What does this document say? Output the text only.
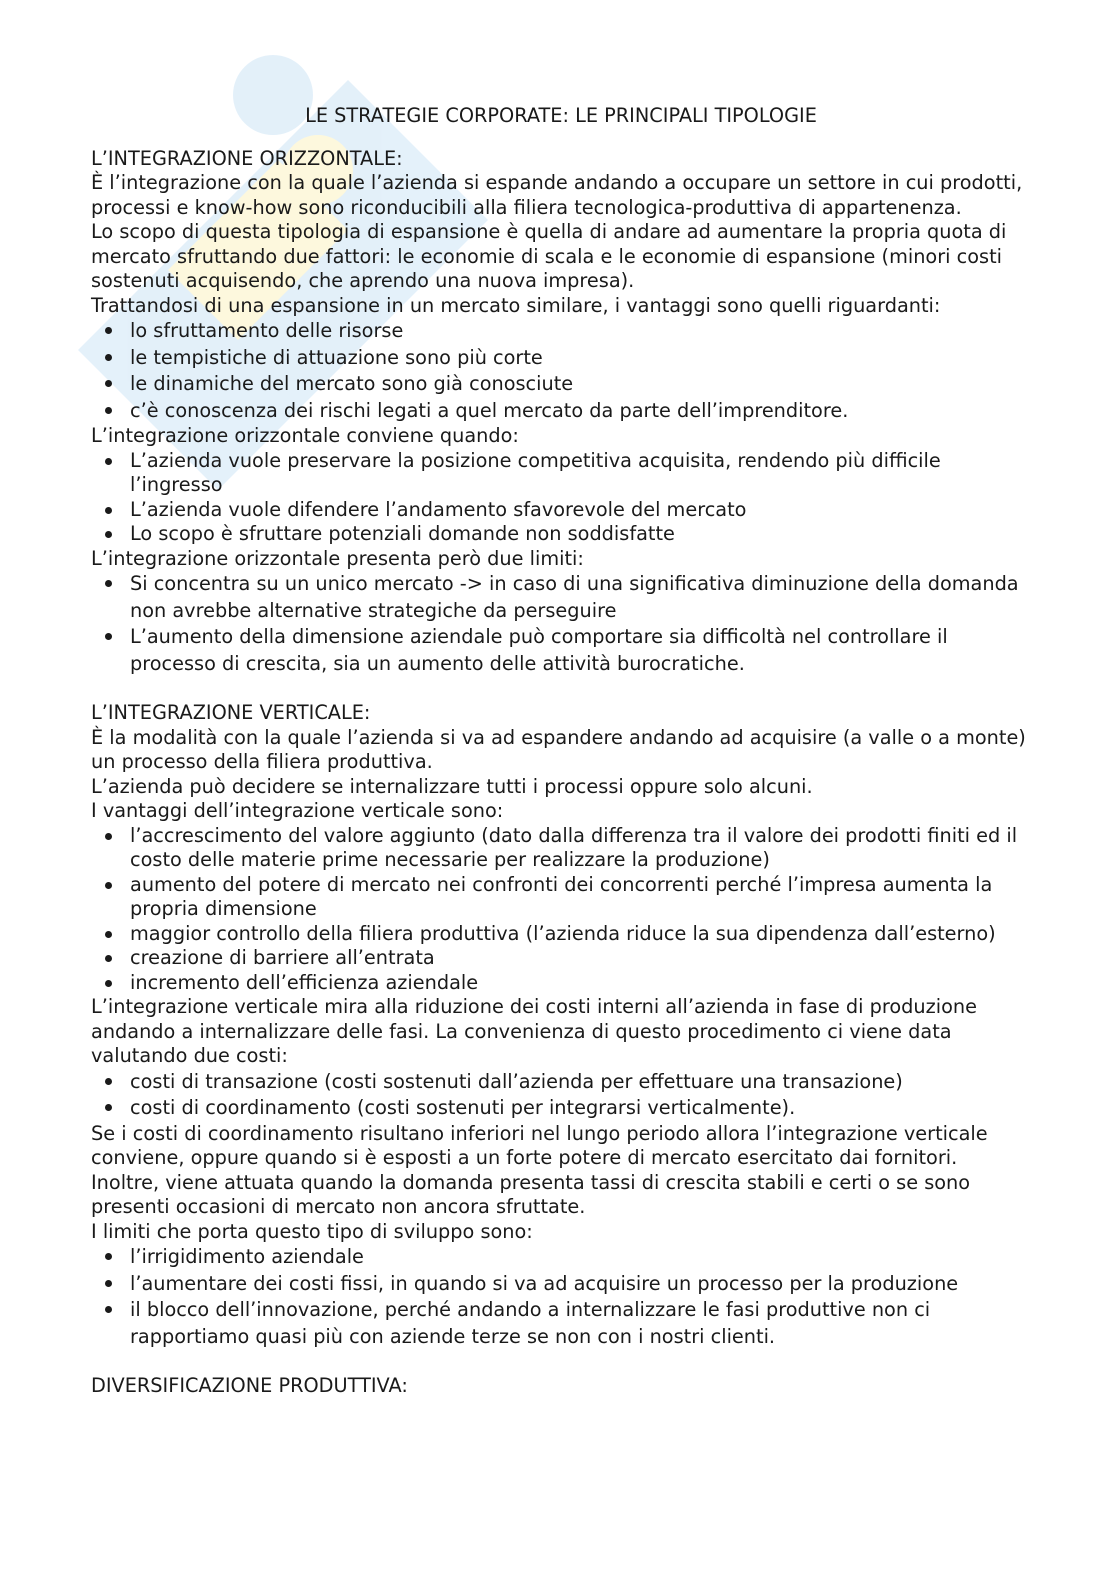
LE STRATEGIE CORPORATE: LE PRINCIPALI TIPOLOGIE
L’INTEGRAZIONE ORIZZONTALE:

È l’integrazione con la quale l’azienda si espande andando a occupare un settore in cui prodotti, processi e know-how sono riconducibili alla filiera tecnologica-produttiva di appartenenza.

Lo scopo di questa tipologia di espansione è quella di andare ad aumentare la propria quota di mercato sfruttando due fattori: le economie di scala e le economie di espansione (minori costi sostenuti acquisendo, che aprendo una nuova impresa).

Trattandosi di una espansione in un mercato similare, i vantaggi sono quelli riguardanti:

lo sfruttamento delle risorse
le tempistiche di attuazione sono più corte
le dinamiche del mercato sono già conosciute
c’è conoscenza dei rischi legati a quel mercato da parte dell’imprenditore.

L’integrazione orizzontale conviene quando:

L’azienda vuole preservare la posizione competitiva acquisita, rendendo più difficile l’ingresso
L’azienda vuole difendere l’andamento sfavorevole del mercato
Lo scopo è sfruttare potenziali domande non soddisfatte

L’integrazione orizzontale presenta però due limiti:

Si concentra su un unico mercato -> in caso di una significativa diminuzione della domanda non avrebbe alternative strategiche da perseguire
L’aumento della dimensione aziendale può comportare sia difficoltà nel controllare il processo di crescita, sia un aumento delle attività burocratiche.
L’INTEGRAZIONE VERTICALE:

È la modalità con la quale l’azienda si va ad espandere andando ad acquisire (a valle o a monte) un processo della filiera produttiva.

L’azienda può decidere se internalizzare tutti i processi oppure solo alcuni.

I vantaggi dell’integrazione verticale sono:

l’accrescimento del valore aggiunto (dato dalla differenza tra il valore dei prodotti finiti ed il costo delle materie prime necessarie per realizzare la produzione)
aumento del potere di mercato nei confronti dei concorrenti perché l’impresa aumenta la propria dimensione
maggior controllo della filiera produttiva (l’azienda riduce la sua dipendenza dall’esterno)
creazione di barriere all’entrata
incremento dell’efficienza aziendale

L’integrazione verticale mira alla riduzione dei costi interni all’azienda in fase di produzione andando a internalizzare delle fasi. La convenienza di questo procedimento ci viene data valutando due costi:

costi di transazione (costi sostenuti dall’azienda per effettuare una transazione)
costi di coordinamento (costi sostenuti per integrarsi verticalmente).

Se i costi di coordinamento risultano inferiori nel lungo periodo allora l’integrazione verticale conviene, oppure quando si è esposti a un forte potere di mercato esercitato dai fornitori.

Inoltre, viene attuata quando la domanda presenta tassi di crescita stabili e certi o se sono presenti occasioni di mercato non ancora sfruttate.

I limiti che porta questo tipo di sviluppo sono:

l’irrigidimento aziendale
l’aumentare dei costi fissi, in quando si va ad acquisire un processo per la produzione
il blocco dell’innovazione, perché andando a internalizzare le fasi produttive non ci rapportiamo quasi più con aziende terze se non con i nostri clienti.
DIVERSIFICAZIONE PRODUTTIVA:
